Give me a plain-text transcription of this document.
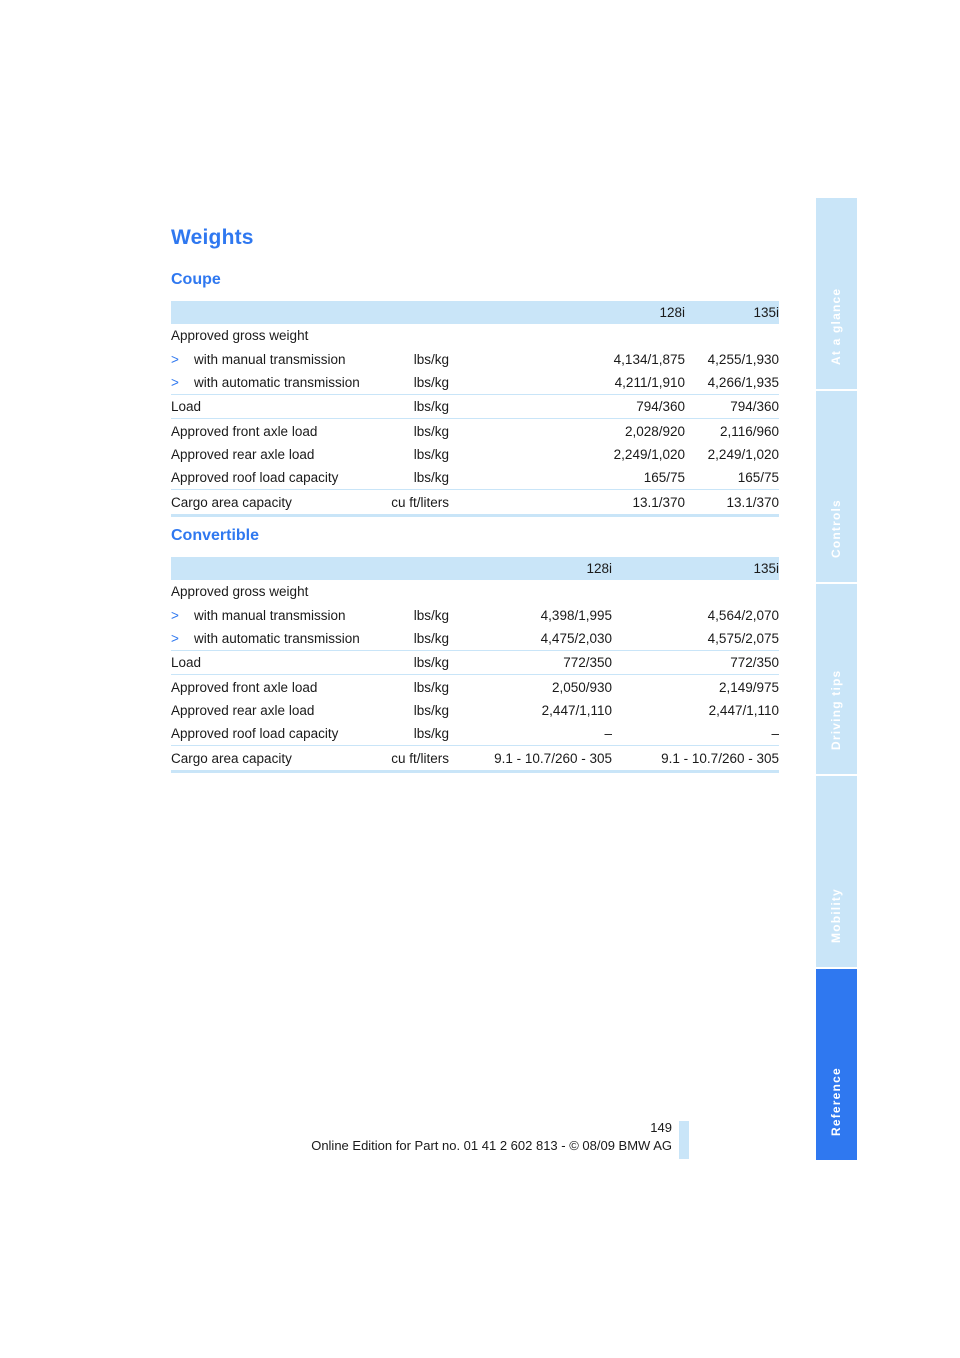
Weights
Coupe
		128i	135i
Approved gross weight			
> with manual transmission	lbs/kg	4,134/1,875	4,255/1,930
> with automatic transmission	lbs/kg	4,211/1,910	4,266/1,935
Load	lbs/kg	794/360	794/360
Approved front axle load	lbs/kg	2,028/920	2,116/960
Approved rear axle load	lbs/kg	2,249/1,020	2,249/1,020
Approved roof load capacity	lbs/kg	165/75	165/75
Cargo area capacity	cu ft/liters	13.1/370	13.1/370
Convertible
		128i	135i
Approved gross weight			
> with manual transmission	lbs/kg	4,398/1,995	4,564/2,070
> with automatic transmission	lbs/kg	4,475/2,030	4,575/2,075
Load	lbs/kg	772/350	772/350
Approved front axle load	lbs/kg	2,050/930	2,149/975
Approved rear axle load	lbs/kg	2,447/1,110	2,447/1,110
Approved roof load capacity	lbs/kg	–	–
Cargo area capacity	cu ft/liters	9.1 - 10.7/260 - 305	9.1 - 10.7/260 - 305
At a glance
Controls
Driving tips
Mobility
Reference
149
Online Edition for Part no. 01 41 2 602 813 - © 08/09 BMW AG
